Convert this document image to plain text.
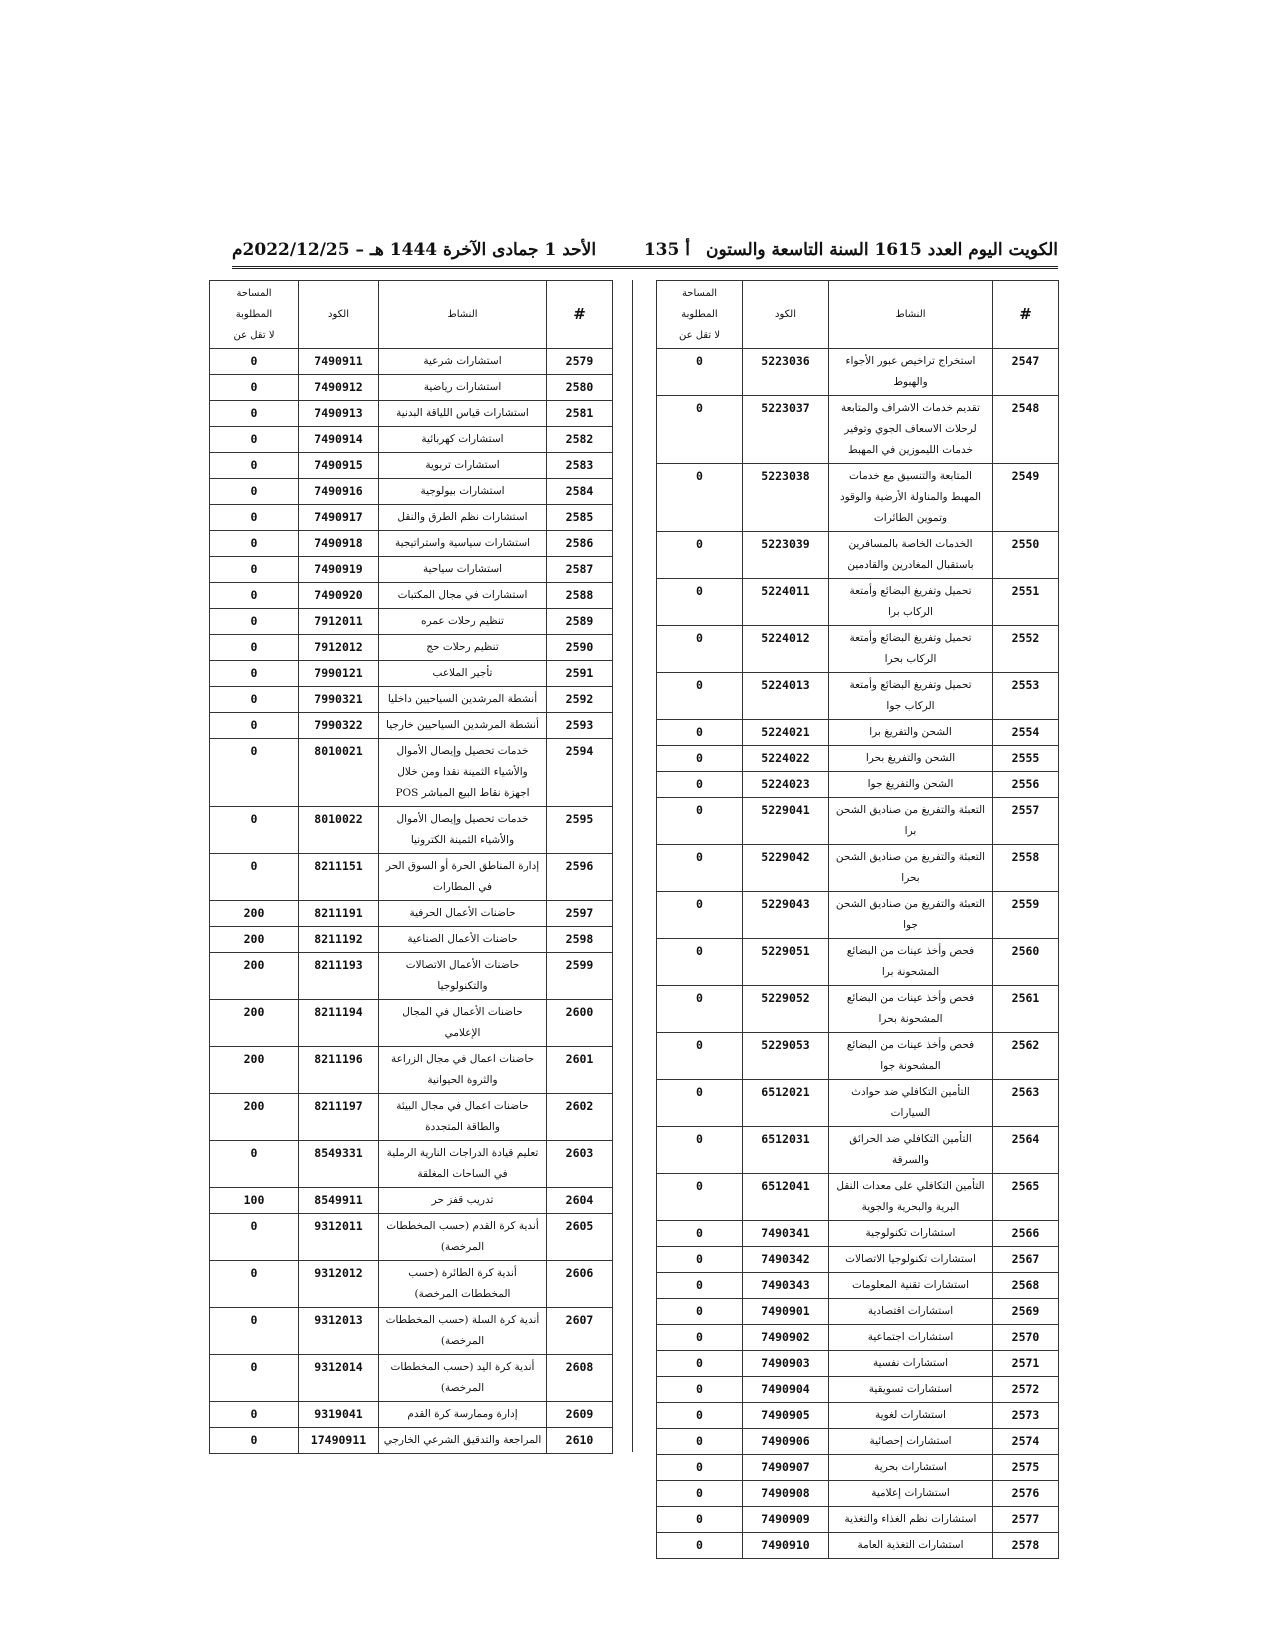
الكويت اليوم العدد 1615 السنة التاسعة والستون
أ 135
الأحد 1 جمادى الآخرة 1444 هـ – 2022/12/25م
#	النشاط	الكود	المساحة
المطلوبة
لا تقل عن

2547	استخراج تراخيص عبور الأجواء والهبوط	5223036	0
2548	تقديم خدمات الاشراف والمتابعة لرحلات الاسعاف الجوي وتوفير خدمات الليموزين في المهبط	5223037	0
2549	المتابعة والتنسيق مع خدمات المهبط والمناولة الأرضية والوقود وتموين الطائرات	5223038	0
2550	الخدمات الخاصة بالمسافرين باستقبال المغادرين والقادمين	5223039	0
2551	تحميل وتفريغ البضائع وأمتعة الركاب برا	5224011	0
2552	تحميل وتفريغ البضائع وأمتعة الركاب بحرا	5224012	0
2553	تحميل وتفريغ البضائع وأمتعة الركاب جوا	5224013	0
2554	الشحن والتفريغ برا	5224021	0
2555	الشحن والتفريغ بحرا	5224022	0
2556	الشحن والتفريغ جوا	5224023	0
2557	التعبئة والتفريغ من صناديق الشحن برا	5229041	0
2558	التعبئة والتفريغ من صناديق الشحن بحرا	5229042	0
2559	التعبئة والتفريغ من صناديق الشحن جوا	5229043	0
2560	فحص وأخذ عينات من البضائع المشحونة برا	5229051	0
2561	فحص وأخذ عينات من البضائع المشحونة بحرا	5229052	0
2562	فحص وأخذ عينات من البضائع المشحونة جوا	5229053	0
2563	التأمين التكافلي ضد حوادث السيارات	6512021	0
2564	التأمين التكافلي ضد الحرائق والسرقة	6512031	0
2565	التأمين التكافلي على معدات النقل البرية والبحرية والجوية	6512041	0
2566	استشارات تكنولوجية	7490341	0
2567	استشارات تكنولوجيا الاتصالات	7490342	0
2568	استشارات تقنية المعلومات	7490343	0
2569	استشارات اقتصادية	7490901	0
2570	استشارات اجتماعية	7490902	0
2571	استشارات نفسية	7490903	0
2572	استشارات تسويقية	7490904	0
2573	استشارات لغوية	7490905	0
2574	استشارات إحصائية	7490906	0
2575	استشارات بحرية	7490907	0
2576	استشارات إعلامية	7490908	0
2577	استشارات نظم الغذاء والتغذية	7490909	0
2578	استشارات التغذية العامة	7490910	0
#	النشاط	الكود	المساحة
المطلوبة
لا تقل عن

2579	استشارات شرعية	7490911	0
2580	استشارات رياضية	7490912	0
2581	استشارات قياس اللياقة البدنية	7490913	0
2582	استشارات كهربائية	7490914	0
2583	استشارات تربوية	7490915	0
2584	استشارات بيولوجية	7490916	0
2585	استشارات نظم الطرق والنقل	7490917	0
2586	استشارات سياسية واستراتيجية	7490918	0
2587	استشارات سياحية	7490919	0
2588	استشارات في مجال المكتبات	7490920	0
2589	تنظيم رحلات عمره	7912011	0
2590	تنظيم رحلات حج	7912012	0
2591	تأجير الملاعب	7990121	0
2592	أنشطة المرشدين السياحيين داخليا	7990321	0
2593	أنشطة المرشدين السياحيين خارجيا	7990322	0
2594	خدمات تحصيل وإيصال الأموال والأشياء الثمينة نقدا ومن خلال اجهزة نقاط البيع المباشر POS	8010021	0
2595	خدمات تحصيل وإيصال الأموال والأشياء الثمينة الكترونيا	8010022	0
2596	إدارة المناطق الحرة أو السوق الحر في المطارات	8211151	0
2597	حاضنات الأعمال الحرفية	8211191	200
2598	حاضنات الأعمال الصناعية	8211192	200
2599	حاضنات الأعمال الاتصالات والتكنولوجيا	8211193	200
2600	حاضنات الأعمال في المجال الإعلامي	8211194	200
2601	حاضنات اعمال في مجال الزراعة والثروة الحيوانية	8211196	200
2602	حاضنات اعمال في مجال البيئة والطاقة المتجددة	8211197	200
2603	تعليم قيادة الدراجات النارية الرملية في الساحات المغلقة	8549331	0
2604	تدريب قفز حر	8549911	100
2605	أندية كرة القدم (حسب المخططات المرخصة)	9312011	0
2606	أندية كرة الطائرة (حسب المخططات المرخصة)	9312012	0
2607	أندية كرة السلة (حسب المخططات المرخصة)	9312013	0
2608	أندية كرة اليد (حسب المخططات المرخصة)	9312014	0
2609	إدارة وممارسة كرة القدم	9319041	0
2610	المراجعة والتدقيق الشرعي الخارجي	17490911	0
